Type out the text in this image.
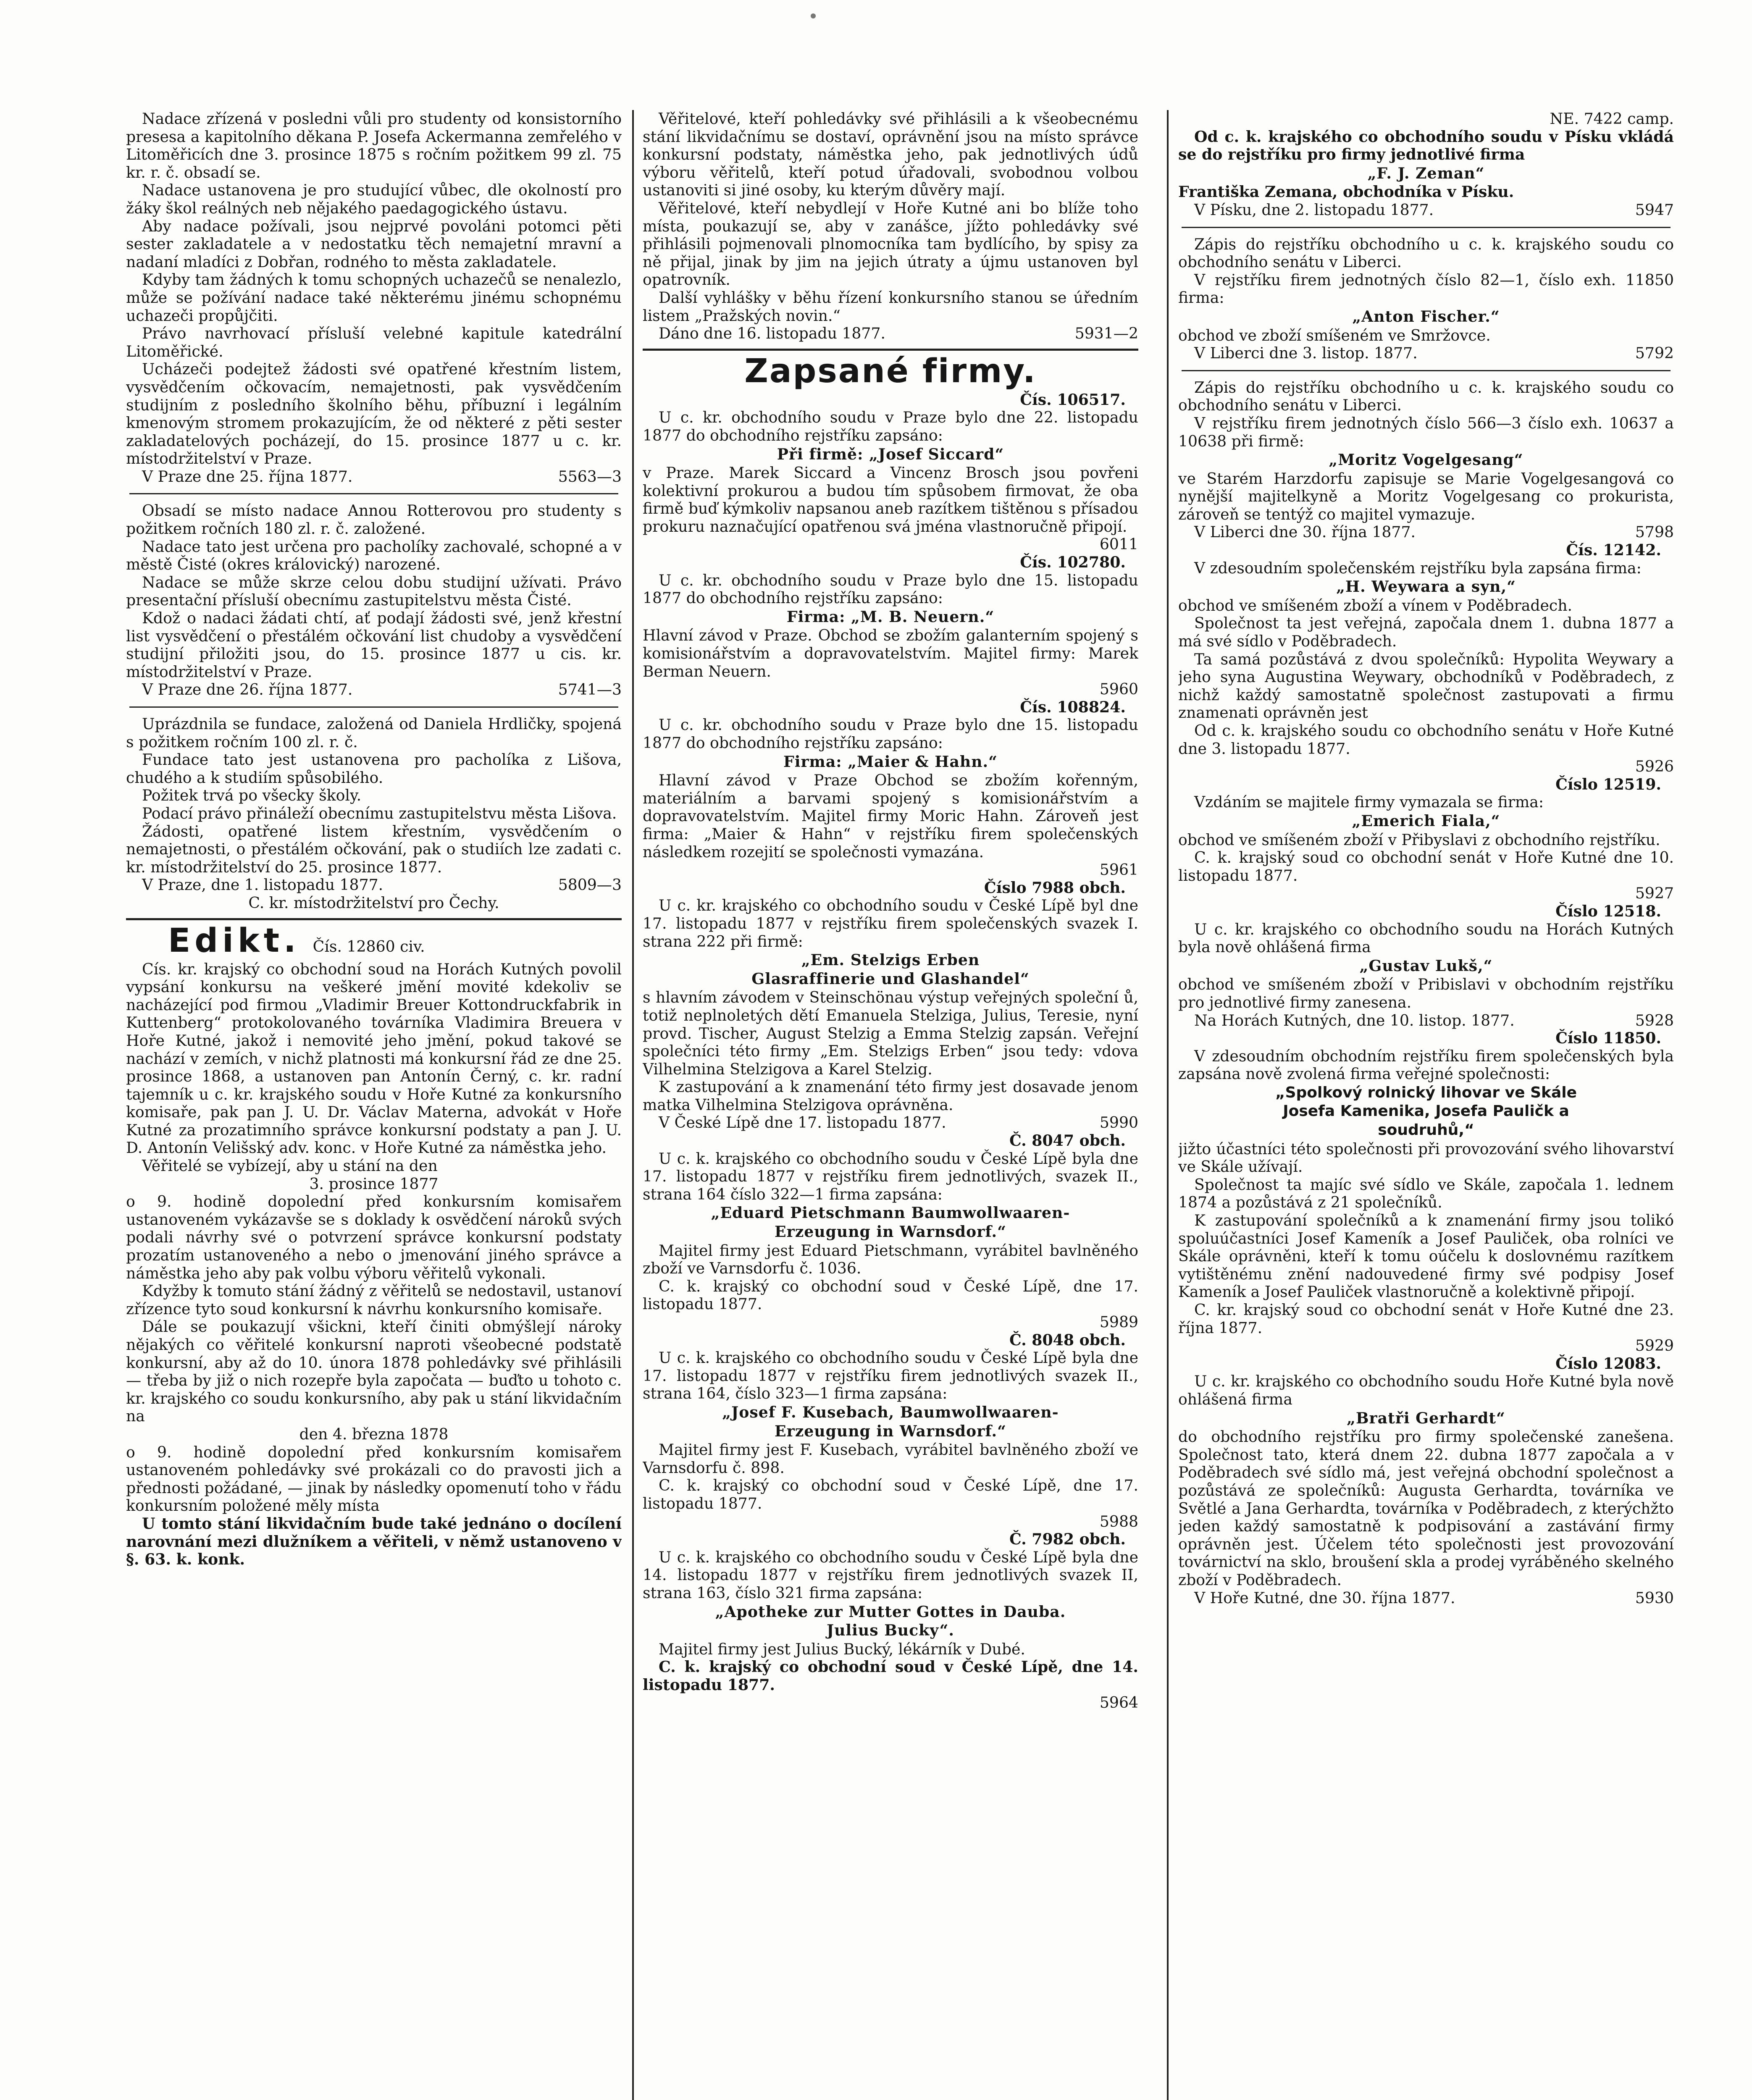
Nadace zřízená v posledni vůli pro studenty od konsistorního presesa a kapitolního děkana P. Josefa Ackermanna zemřelého v Litoměřicích dne 3. prosince 1875 s ročním požitkem 99 zl. 75 kr. r. č. obsadí se.

Nadace ustanovena je pro studující vůbec, dle okolností pro žáky škol reálných neb nějakého paedagogického ústavu.

Aby nadace požívali, jsou nejprvé povoláni potomci pěti sester zakladatele a v nedostatku těch nemajetní mravní a nadaní mladíci z Dobřan, rodného to města zakladatele.

Kdyby tam žádných k tomu schopných uchazečů se nenalezlo, může se požívání nadace také některému jinému schopnému uchazeči propůjčiti.

Právo navrhovací přísluší velebné kapitule katedrální Litoměřické.

Ucházeči podejtež žádosti své opatřené křestním listem, vysvědčením očkovacím, nemajetnosti, pak vysvědčením studijním z posledního školního běhu, příbuzní i legálním kmenovým stromem prokazujícím, že od některé z pěti sester zakladatelových pocházejí, do 15. prosince 1877 u c. kr. místodržitelství v Praze.

V Praze dne 25. října 1877.	5563—3

Obsadí se místo nadace Annou Rotterovou pro studenty s požitkem ročních 180 zl. r. č. založené.

Nadace tato jest určena pro pacholíky zachovalé, schopné a v městě Čisté (okres královický) narozené.

Nadace se může skrze celou dobu studijní užívati. Právo presentační přísluší obecnímu zastupitelstvu města Čisté.

Kdož o nadaci žádati chtí, ať podají žádosti své, jenž křestní list vysvědčení o přestálém očkování list chudoby a vysvědčení studijní přiložiti jsou, do 15. prosince 1877 u cis. kr. místodržitelství v Praze.

V Praze dne 26. října 1877.	5741—3

Uprázdnila se fundace, založená od Daniela Hrdličky, spojená s požitkem ročním 100 zl. r. č.

Fundace tato jest ustanovena pro pacholíka z Lišova, chudého a k studiím spůsobilého.

Požitek trvá po všecky školy.

Podací právo přináleží obecnímu zastupitelstvu města Lišova.

Žádosti, opatřené listem křestním, vysvědčením o nemajetnosti, o přestálém očkování, pak o studiích lze zadati c. kr. místodržitelství do 25. prosince 1877.

V Praze, dne 1. listopadu 1877.	5809—3

C. kr. místodržitelství pro Čechy.

Edikt. Čís. 12860 civ.

Cís. kr. krajský co obchodní soud na Horách Kutných povolil vypsání konkursu na veškeré jmění movité kdekoliv se nacházející pod firmou „Vladimir Breuer Kottondruckfabrik in Kuttenberg“ protokolovaného továrníka Vladimira Breuera v Hoře Kutné, jakož i nemovité jeho jmění, pokud takové se nachází v zemích, v nichž platnosti má konkursní řád ze dne 25. prosince 1868, a ustanoven pan Antonín Černý, c. kr. radní tajemník u c. kr. krajského soudu v Hoře Kutné za konkursního komisaře, pak pan J. U. Dr. Václav Materna, advokát v Hoře Kutné za prozatimního správce konkursní podstaty a pan J. U. D. Antonín Velišský adv. konc. v Hoře Kutné za náměstka jeho.

Věřitelé se vybízejí, aby u stání na den

3. prosince 1877

o 9. hodině dopolední před konkursním komisařem ustanoveném vykázavše se s doklady k osvědčení nároků svých podali návrhy své o potvrzení správce konkursní podstaty prozatím ustanoveného a nebo o jmenování jiného správce a náměstka jeho aby pak volbu výboru věřitelů vykonali.

Kdyžby k tomuto stání žádný z věřitelů se nedostavil, ustanoví zřízence tyto soud konkursní k návrhu konkursního komisaře.

Dále se poukazují všickni, kteří činiti obmýšlejí nároky nějakých co věřitelé konkursní naproti všeobecné podstatě konkursní, aby až do 10. února 1878 pohledávky své přihlásili — třeba by již o nich rozepře byla započata — buďto u tohoto c. kr. krajského co soudu konkursního, aby pak u stání likvidačním na

den 4. března 1878

o 9. hodině dopolední před konkursním komisařem ustanoveném pohledávky své prokázali co do pravosti jich a přednosti požádané, — jinak by následky opomenutí toho v řádu konkursním položené měly místa

U tomto stání likvidačním bude také jednáno o docílení narovnání mezi dlužníkem a věřiteli, v němž ustanoveno v §. 63. k. konk.

Věřitelové, kteří pohledávky své přihlásili a k všeobecnému stání likvidačnímu se dostaví, oprávnění jsou na místo správce konkursní podstaty, náměstka jeho, pak jednotlivých údů výboru věřitelů, kteří potud úřadovali, svobodnou volbou ustanoviti si jiné osoby, ku kterým důvěry mají.

Věřitelové, kteří nebydlejí v Hoře Kutné ani bo blíže toho místa, poukazují se, aby v zanášce, jížto pohledávky své přihlásili pojmenovali plnomocníka tam bydlícího, by spisy za ně přijal, jinak by jim na jejich útraty a újmu ustanoven byl opatrovník.

Další vyhlášky v běhu řízení konkursního stanou se úředním listem „Pražských novin.“

Dáno dne 16. listopadu 1877.	5931—2
Zapsané firmy.

Čís. 106517.

U c. kr. obchodního soudu v Praze bylo dne 22. listopadu 1877 do obchodního rejstříku zapsáno:

Při firmě: „Josef Siccard“

v Praze. Marek Siccard a Vincenz Brosch jsou povřeni kolektivní prokurou a budou tím spůsobem firmovat, že oba firmě buď kýmkoliv napsanou aneb razítkem tištěnou s přísadou prokuru naznačující opatřenou svá jména vlastnoručně připojí.

6011

Čís. 102780.

U c. kr. obchodního soudu v Praze bylo dne 15. listopadu 1877 do obchodního rejstříku zapsáno:

Firma: „M. B. Neuern.“

Hlavní závod v Praze. Obchod se zbožím galanterním spojený s komisionářstvím a dopravovatelstvím. Majitel firmy: Marek Berman Neuern.

5960

Čís. 108824.

U c. kr. obchodního soudu v Praze bylo dne 15. listopadu 1877 do obchodního rejstříku zapsáno:

Firma: „Maier & Hahn.“

Hlavní závod v Praze Obchod se zbožím kořenným, materiálním a barvami spojený s komisionářstvím a dopravovatelstvím. Majitel firmy Moric Hahn. Zároveň jest firma: „Maier & Hahn“ v rejstříku firem společenských následkem rozejití se společnosti vymazána.

5961

Číslo 7988 obch.

U c. kr. krajského co obchodního soudu v České Lípě byl dne 17. listopadu 1877 v rejstříku firem společenských svazek I. strana 222 při firmě:

„Em. Stelzigs Erben

Glasraffinerie und Glashandel“

s hlavním závodem v Steinschönau výstup veřejných společní ů, totiž neplnoletých dětí Emanuela Stelziga, Julius, Teresie, nyní provd. Tischer, August Stelzig a Emma Stelzig zapsán. Veřejní společníci této firmy „Em. Stelzigs Erben“ jsou tedy: vdova Vilhelmina Stelzigova a Karel Stelzig.

K zastupování a k znamenání této firmy jest dosavade jenom matka Vilhelmina Stelzigova oprávněna.

V České Lípě dne 17. listopadu 1877.	5990

Č. 8047 obch.

U c. k. krajského co obchodního soudu v České Lípě byla dne 17. listopadu 1877 v rejstříku firem jednotlivých, svazek II., strana 164 číslo 322—1 firma zapsána:

„Eduard Pietschmann Baumwollwaaren-

Erzeugung in Warnsdorf.“

Majitel firmy jest Eduard Pietschmann, vyrábitel bavlněného zboží ve Varnsdorfu č. 1036.

C. k. krajský co obchodní soud v České Lípě, dne 17. listopadu 1877.

5989

Č. 8048 obch.

U c. k. krajského co obchodního soudu v České Lípě byla dne 17. listopadu 1877 v rejstříku firem jednotlivých svazek II., strana 164, číslo 323—1 firma zapsána:

„Josef F. Kusebach, Baumwollwaaren-

Erzeugung in Warnsdorf.“

Majitel firmy jest F. Kusebach, vyrábitel bavlněného zboží ve Varnsdorfu č. 898.

C. k. krajský co obchodní soud v České Lípě, dne 17. listopadu 1877.

5988

Č. 7982 obch.

U c. k. krajského co obchodního soudu v České Lípě byla dne 14. listopadu 1877 v rejstříku firem jednotlivých svazek II, strana 163, číslo 321 firma zapsána:

„Apotheke zur Mutter Gottes in Dauba.

Julius Bucky“.

Majitel firmy jest Julius Bucký, lékárník v Dubé.

C. k. krajský co obchodní soud v České Lípě, dne 14. listopadu 1877.

5964

NE. 7422 camp.

Od c. k. krajského co obchodního soudu v Písku vkládá se do rejstříku pro firmy jednotlivé firma

„F. J. Zeman“

Františka Zemana, obchodníka v Písku.

V Písku, dne 2. listopadu 1877.	5947

Zápis do rejstříku obchodního u c. k. krajského soudu co obchodního senátu v Liberci.

V rejstříku firem jednotných číslo 82—1, číslo exh. 11850 firma:

„Anton Fischer.“

obchod ve zboží smíšeném ve Smržovce.

V Liberci dne 3. listop. 1877.	5792

Zápis do rejstříku obchodního u c. k. krajského soudu co obchodního senátu v Liberci.

V rejstříku firem jednotných číslo 566—3 číslo exh. 10637 a 10638 při firmě:

„Moritz Vogelgesang“

ve Starém Harzdorfu zapisuje se Marie Vogelgesangová co nynější majitelkyně a Moritz Vogelgesang co prokurista, zároveň se tentýž co majitel vymazuje.

V Liberci dne 30. října 1877.	5798

Čís. 12142.

V zdesoudním společenském rejstříku byla zapsána firma:

„H. Weywara a syn,“

obchod ve smíšeném zboží a vínem v Poděbradech.

Společnost ta jest veřejná, započala dnem 1. dubna 1877 a má své sídlo v Poděbradech.

Ta samá pozůstává z dvou společníků: Hypolita Weywary a jeho syna Augustina Weywary, obchodníků v Poděbradech, z nichž každý samostatně společnost zastupovati a firmu znamenati oprávněn jest

Od c. k. krajského soudu co obchodního senátu v Hoře Kutné dne 3. listopadu 1877.

5926

Číslo 12519.

Vzdáním se majitele firmy vymazala se firma:

„Emerich Fiala,“

obchod ve smíšeném zboží v Přibyslavi z obchodního rejstříku.

C. k. krajský soud co obchodní senát v Hoře Kutné dne 10. listopadu 1877.

5927

Číslo 12518.

U c. kr. krajského co obchodního soudu na Horách Kutných byla nově ohlášená firma

„Gustav Lukš,“

obchod ve smíšeném zboží v Pribislavi v obchodním rejstříku pro jednotlivé firmy zanesena.

Na Horách Kutných, dne 10. listop. 1877.	5928

Číslo 11850.

V zdesoudním obchodním rejstříku firem společenských byla zapsána nově zvolená firma veřejné společnosti:

„Spolkový rolnický lihovar ve Skále

Josefa Kamenika, Josefa Pauličk a

soudruhů,“

jižto účastníci této společnosti při provozování svého lihovarství ve Skále užívají.

Společnost ta majíc své sídlo ve Skále, započala 1. lednem 1874 a pozůstává z 21 společníků.

K zastupování společníků a k znamenání firmy jsou tolikó spoluúčastníci Josef Kameník a Josef Pauliček, oba rolníci ve Skále oprávněni, kteří k tomu oúčelu k doslovnému razítkem vytištěnému znění nadouvedené firmy své podpisy Josef Kameník a Josef Pauliček vlastnoručně a kolektivně připojí.

C. kr. krajský soud co obchodní senát v Hoře Kutné dne 23. října 1877.

5929

Číslo 12083.

U c. kr. krajského co obchodního soudu Hoře Kutné byla nově ohlášená firma

„Bratři Gerhardt“

do obchodního rejstříku pro firmy společenské zanešena. Společnost tato, která dnem 22. dubna 1877 započala a v Poděbradech své sídlo má, jest veřejná obchodní společnost a pozůstává ze společníků: Augusta Gerhardta, továrníka ve Světlé a Jana Gerhardta, továrníka v Poděbradech, z kterýchžto jeden každý samostatně k podpisování a zastávání firmy oprávněn jest. Účelem této společnosti jest provozování továrnictví na sklo, broušení skla a prodej vyráběného skelného zboží v Poděbradech.

V Hoře Kutné, dne 30. října 1877.	5930
